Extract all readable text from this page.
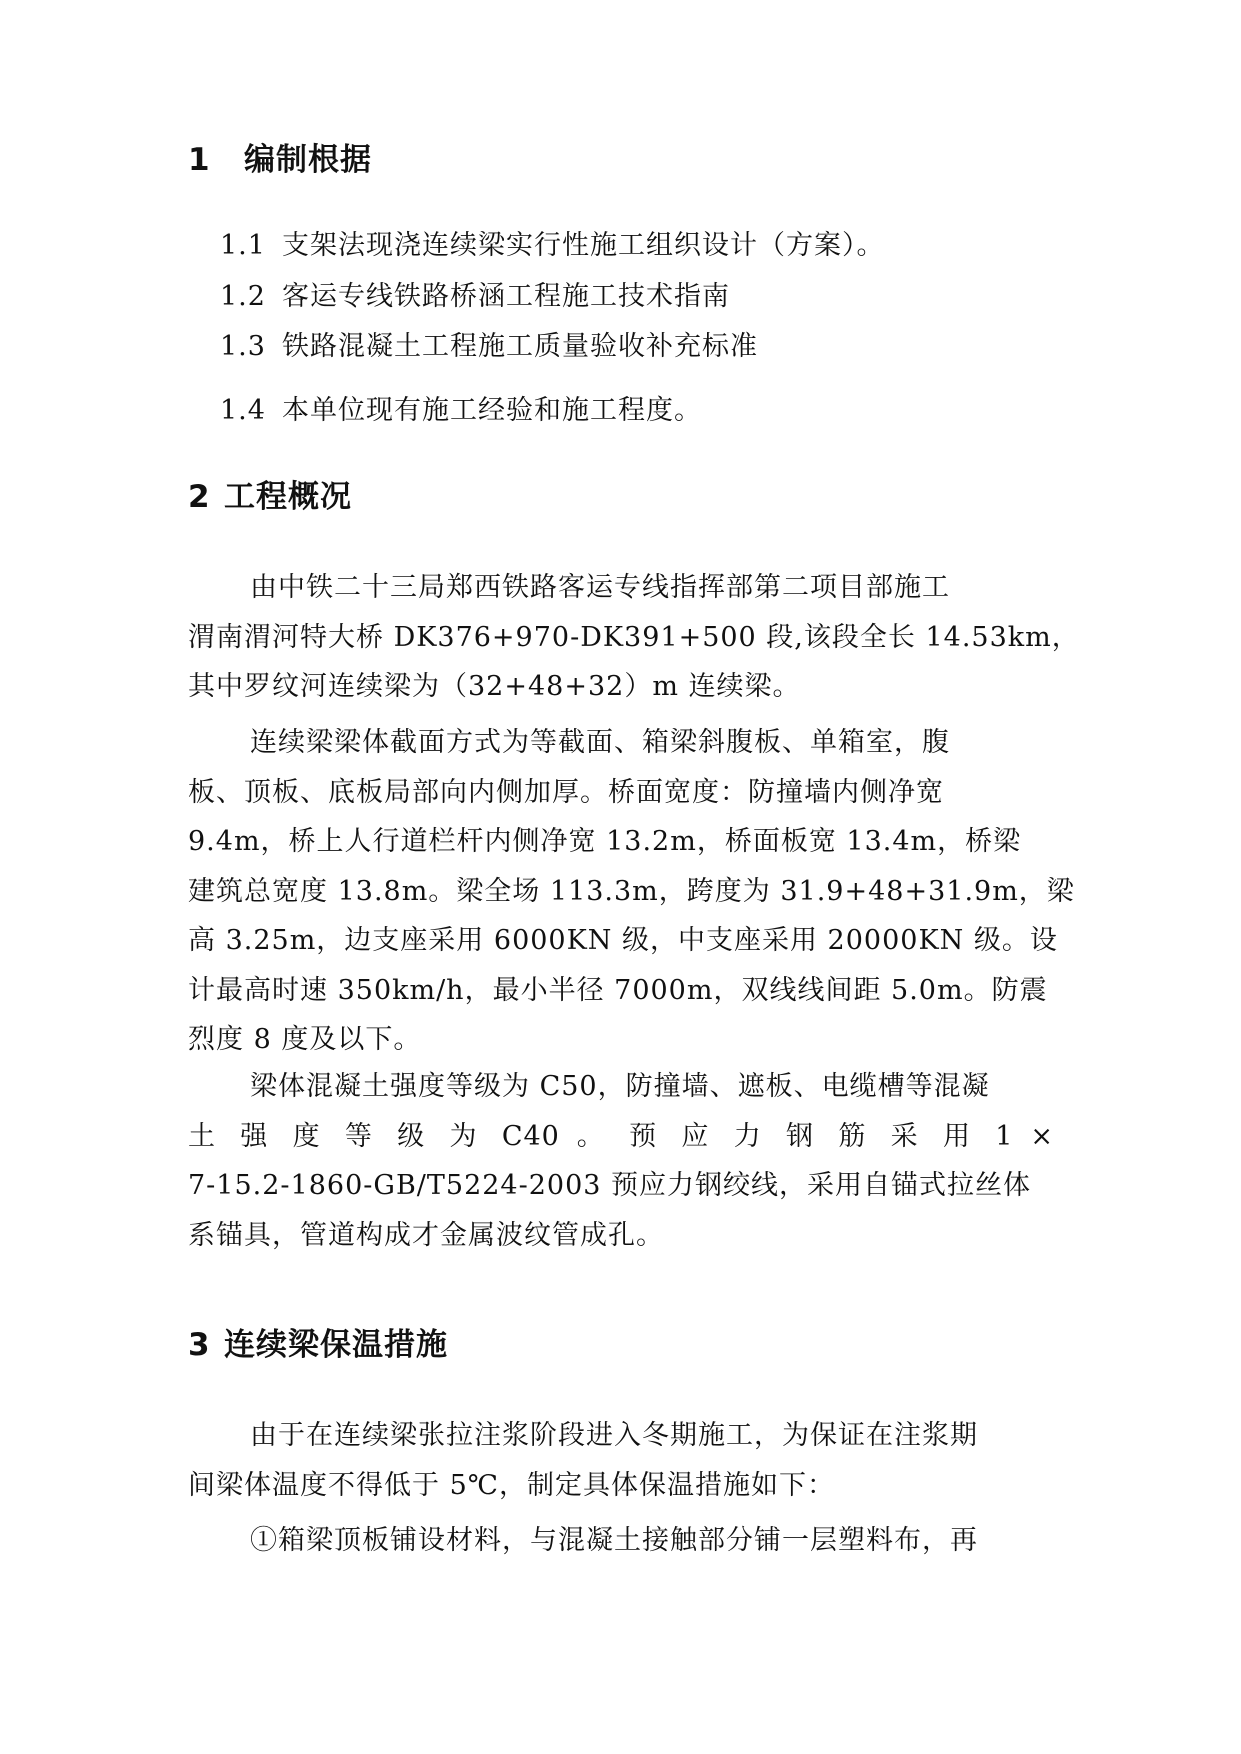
1 编制根据
1.1 支架法现浇连续梁实行性施工组织设计（方案）。
1.2 客运专线铁路桥涵工程施工技术指南
1.3 铁路混凝土工程施工质量验收补充标准
1.4 本单位现有施工经验和施工程度。
2 工程概况
由中铁二十三局郑西铁路客运专线指挥部第二项目部施工
渭南渭河特大桥 DK376+970-DK391+500 段,该段全长 14.53km，
其中罗纹河连续梁为（32+48+32）m 连续梁。
连续梁梁体截面方式为等截面、箱梁斜腹板、单箱室，腹
板、顶板、底板局部向内侧加厚。桥面宽度：防撞墙内侧净宽
9.4m，桥上人行道栏杆内侧净宽 13.2m，桥面板宽 13.4m，桥梁
建筑总宽度 13.8m。梁全场 113.3m，跨度为 31.9+48+31.9m，梁
高 3.25m，边支座采用 6000KN 级，中支座采用 20000KN 级。设
计最高时速 350km/h，最小半径 7000m，双线线间距 5.0m。防震
烈度 8 度及以下。
梁体混凝土强度等级为 C50，防撞墙、遮板、电缆槽等混凝
土 强 度 等 级 为 C40 。 预 应 力 钢 筋 采 用 1 ×
7-15.2-1860-GB/T5224-2003 预应力钢绞线，采用自锚式拉丝体
系锚具，管道构成才金属波纹管成孔。
3 连续梁保温措施
由于在连续梁张拉注浆阶段进入冬期施工，为保证在注浆期
间梁体温度不得低于 5℃，制定具体保温措施如下：
①箱梁顶板铺设材料，与混凝土接触部分铺一层塑料布，再
